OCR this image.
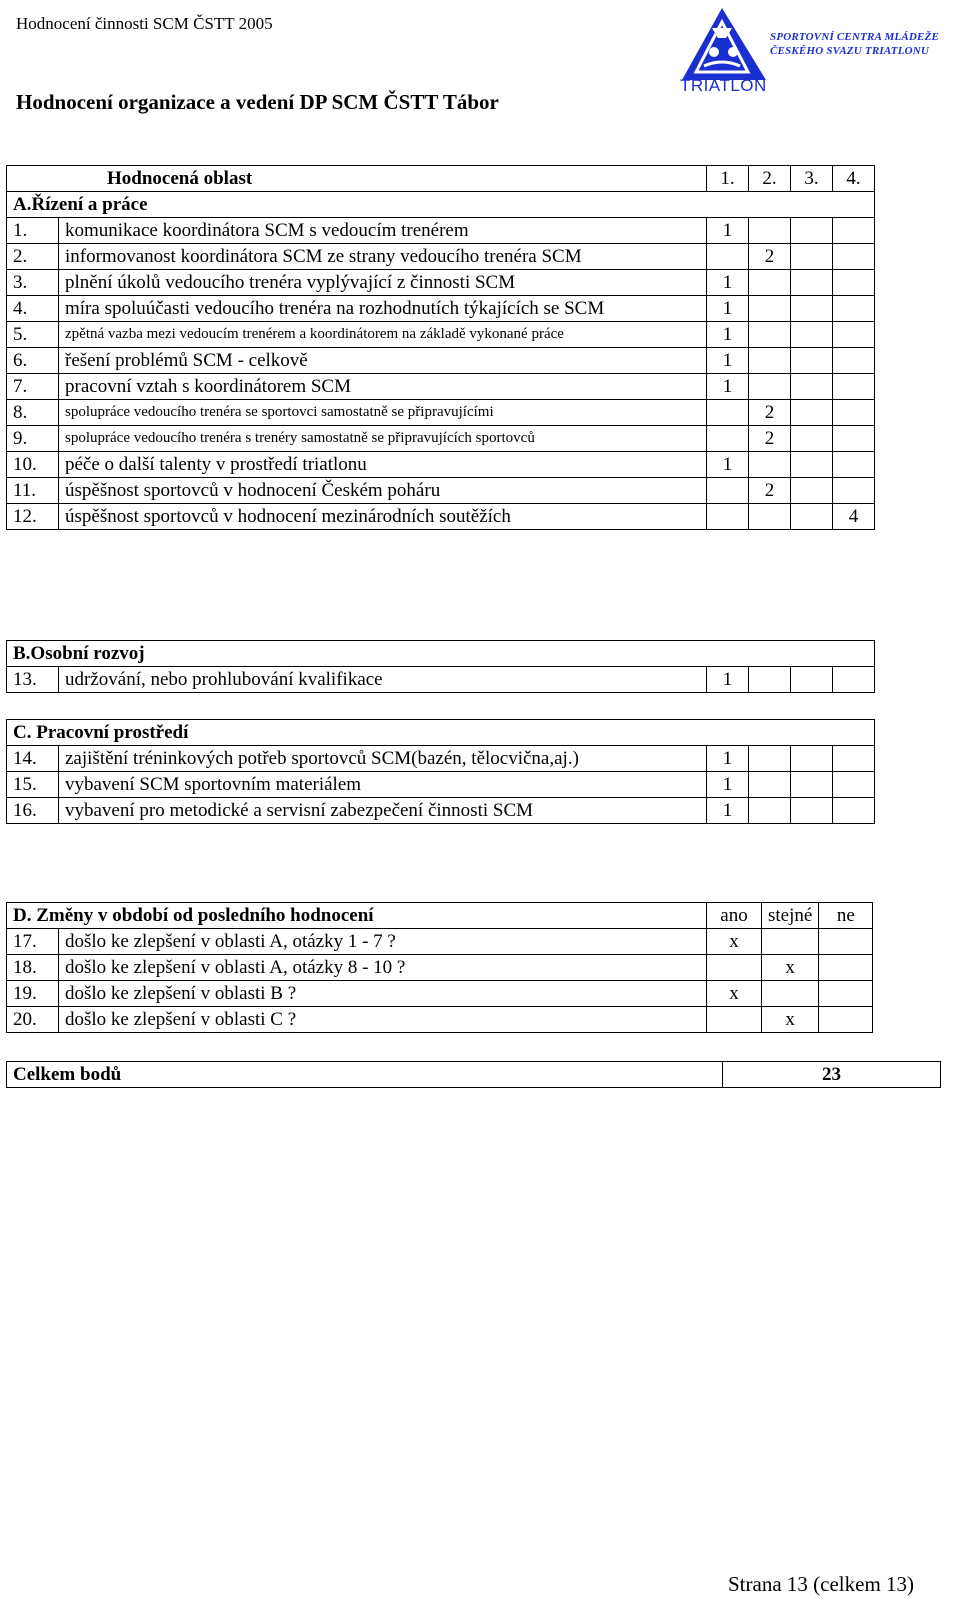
Hodnocení činnosti SCM ČSTT 2005
SPORTOVNÍ CENTRA MLÁDEŽE
ČESKÉHO SVAZU TRIATLONU
TRIATLON
Hodnocení organizace a vedení DP SCM ČSTT Tábor
Hodnocená oblast		1.	2.	3.	4.
A.Řízení a práce					
1.	komunikace koordinátora SCM s vedoucím trenérem	1			
2.	informovanost koordinátora SCM ze strany vedoucího trenéra SCM		2		
3.	plnění úkolů vedoucího trenéra vyplývající z činnosti SCM	1			
4.	míra spoluúčasti vedoucího trenéra na rozhodnutích týkajících se SCM	1			
5.	zpětná vazba mezi vedoucím trenérem a koordinátorem na základě vykonané práce	1			
6.	řešení problémů SCM - celkově	1			
7.	pracovní vztah s koordinátorem SCM	1			
8.	spolupráce vedoucího trenéra se sportovci samostatně se připravujícími		2		
9.	spolupráce vedoucího trenéra s trenéry samostatně se připravujících sportovců		2		
10.	péče o další talenty v prostředí triatlonu	1			
11.	úspěšnost sportovců v hodnocení Českém poháru		2		
12.	úspěšnost sportovců v hodnocení mezinárodních soutěžích				4
B.Osobní rozvoj
13.	udržování, nebo prohlubování kvalifikace	1			
C. Pracovní prostředí					
14.	zajištění tréninkových potřeb sportovců SCM(bazén, tělocvična,aj.)	1			
15.	vybavení SCM sportovním materiálem	1			
16.	vybavení pro metodické a servisní zabezpečení činnosti SCM	1			
D. Změny v období od posledního hodnocení		ano	stejné	ne
17.	došlo ke zlepšení v oblasti A, otázky 1 - 7 ?	x		
18.	došlo ke zlepšení v oblasti A, otázky 8 - 10 ?		x	
19.	došlo ke zlepšení v oblasti B ?	x		
20.	došlo ke zlepšení v oblasti C ?		x	
Celkem bodů	23
Strana 13 (celkem 13)
